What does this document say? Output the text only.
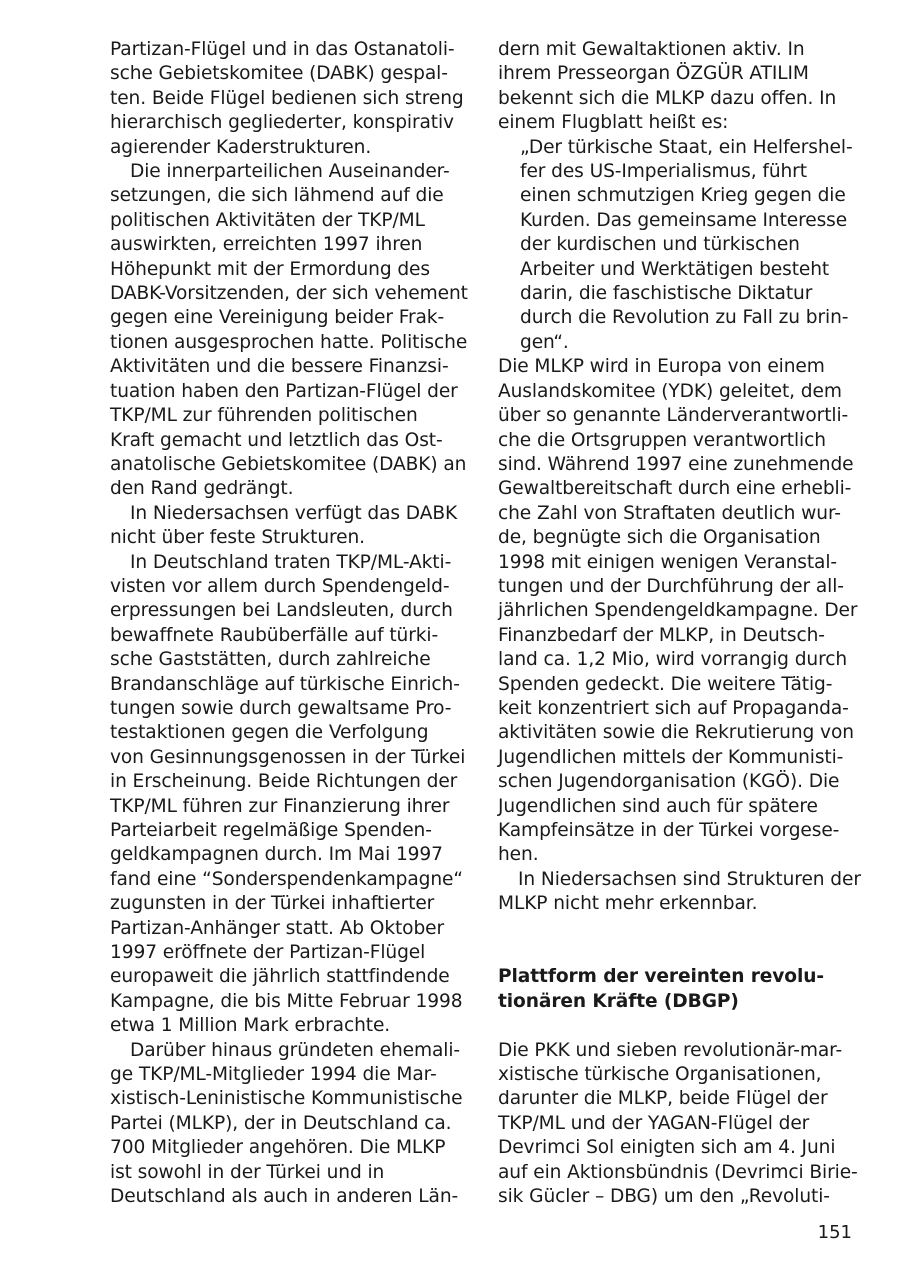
Partizan-Flügel und in das Ostanatoli-
sche Gebietskomitee (DABK) gespal-
ten. Beide Flügel bedienen sich streng
hierarchisch gegliederter, konspirativ
agierender Kaderstrukturen.
Die innerparteilichen Auseinander-
setzungen, die sich lähmend auf die
politischen Aktivitäten der TKP/ML
auswirkten, erreichten 1997 ihren
Höhepunkt mit der Ermordung des
DABK-Vorsitzenden, der sich vehement
gegen eine Vereinigung beider Frak-
tionen ausgesprochen hatte. Politische
Aktivitäten und die bessere Finanzsi-
tuation haben den Partizan-Flügel der
TKP/ML zur führenden politischen
Kraft gemacht und letztlich das Ost-
anatolische Gebietskomitee (DABK) an
den Rand gedrängt.
In Niedersachsen verfügt das DABK
nicht über feste Strukturen.
In Deutschland traten TKP/ML-Akti-
visten vor allem durch Spendengeld-
erpressungen bei Landsleuten, durch
bewaffnete Raubüberfälle auf türki-
sche Gaststätten, durch zahlreiche
Brandanschläge auf türkische Einrich-
tungen sowie durch gewaltsame Pro-
testaktionen gegen die Verfolgung
von Gesinnungsgenossen in der Türkei
in Erscheinung. Beide Richtungen der
TKP/ML führen zur Finanzierung ihrer
Parteiarbeit regelmäßige Spenden-
geldkampagnen durch. Im Mai 1997
fand eine “Sonderspendenkampagne“
zugunsten in der Türkei inhaftierter
Partizan-Anhänger statt. Ab Oktober
1997 eröffnete der Partizan-Flügel
europaweit die jährlich stattfindende
Kampagne, die bis Mitte Februar 1998
etwa 1 Million Mark erbrachte.
Darüber hinaus gründeten ehemali-
ge TKP/ML-Mitglieder 1994 die Mar-
xistisch-Leninistische Kommunistische
Partei (MLKP), der in Deutschland ca.
700 Mitglieder angehören. Die MLKP
ist sowohl in der Türkei und in
Deutschland als auch in anderen Län-
dern mit Gewaltaktionen aktiv. In
ihrem Presseorgan ÖZGÜR ATILIM
bekennt sich die MLKP dazu offen. In
einem Flugblatt heißt es:
„Der türkische Staat, ein Helfershel-
fer des US-Imperialismus, führt
einen schmutzigen Krieg gegen die
Kurden. Das gemeinsame Interesse
der kurdischen und türkischen
Arbeiter und Werktätigen besteht
darin, die faschistische Diktatur
durch die Revolution zu Fall zu brin-
gen“.
Die MLKP wird in Europa von einem
Auslandskomitee (YDK) geleitet, dem
über so genannte Länderverantwortli-
che die Ortsgruppen verantwortlich
sind. Während 1997 eine zunehmende
Gewaltbereitschaft durch eine erhebli-
che Zahl von Straftaten deutlich wur-
de, begnügte sich die Organisation
1998 mit einigen wenigen Veranstal-
tungen und der Durchführung der all-
jährlichen Spendengeldkampagne. Der
Finanzbedarf der MLKP, in Deutsch-
land ca. 1,2 Mio, wird vorrangig durch
Spenden gedeckt. Die weitere Tätig-
keit konzentriert sich auf Propaganda-
aktivitäten sowie die Rekrutierung von
Jugendlichen mittels der Kommunisti-
schen Jugendorganisation (KGÖ). Die
Jugendlichen sind auch für spätere
Kampfeinsätze in der Türkei vorgese-
hen.
In Niedersachsen sind Strukturen der
MLKP nicht mehr erkennbar.
Plattform der vereinten revolu-
tionären Kräfte (DBGP)
Die PKK und sieben revolutionär-mar-
xistische türkische Organisationen,
darunter die MLKP, beide Flügel der
TKP/ML und der YAGAN-Flügel der
Devrimci Sol einigten sich am 4. Juni
auf ein Aktionsbündnis (Devrimci Birie-
sik Gücler – DBG) um den „Revoluti-
151
